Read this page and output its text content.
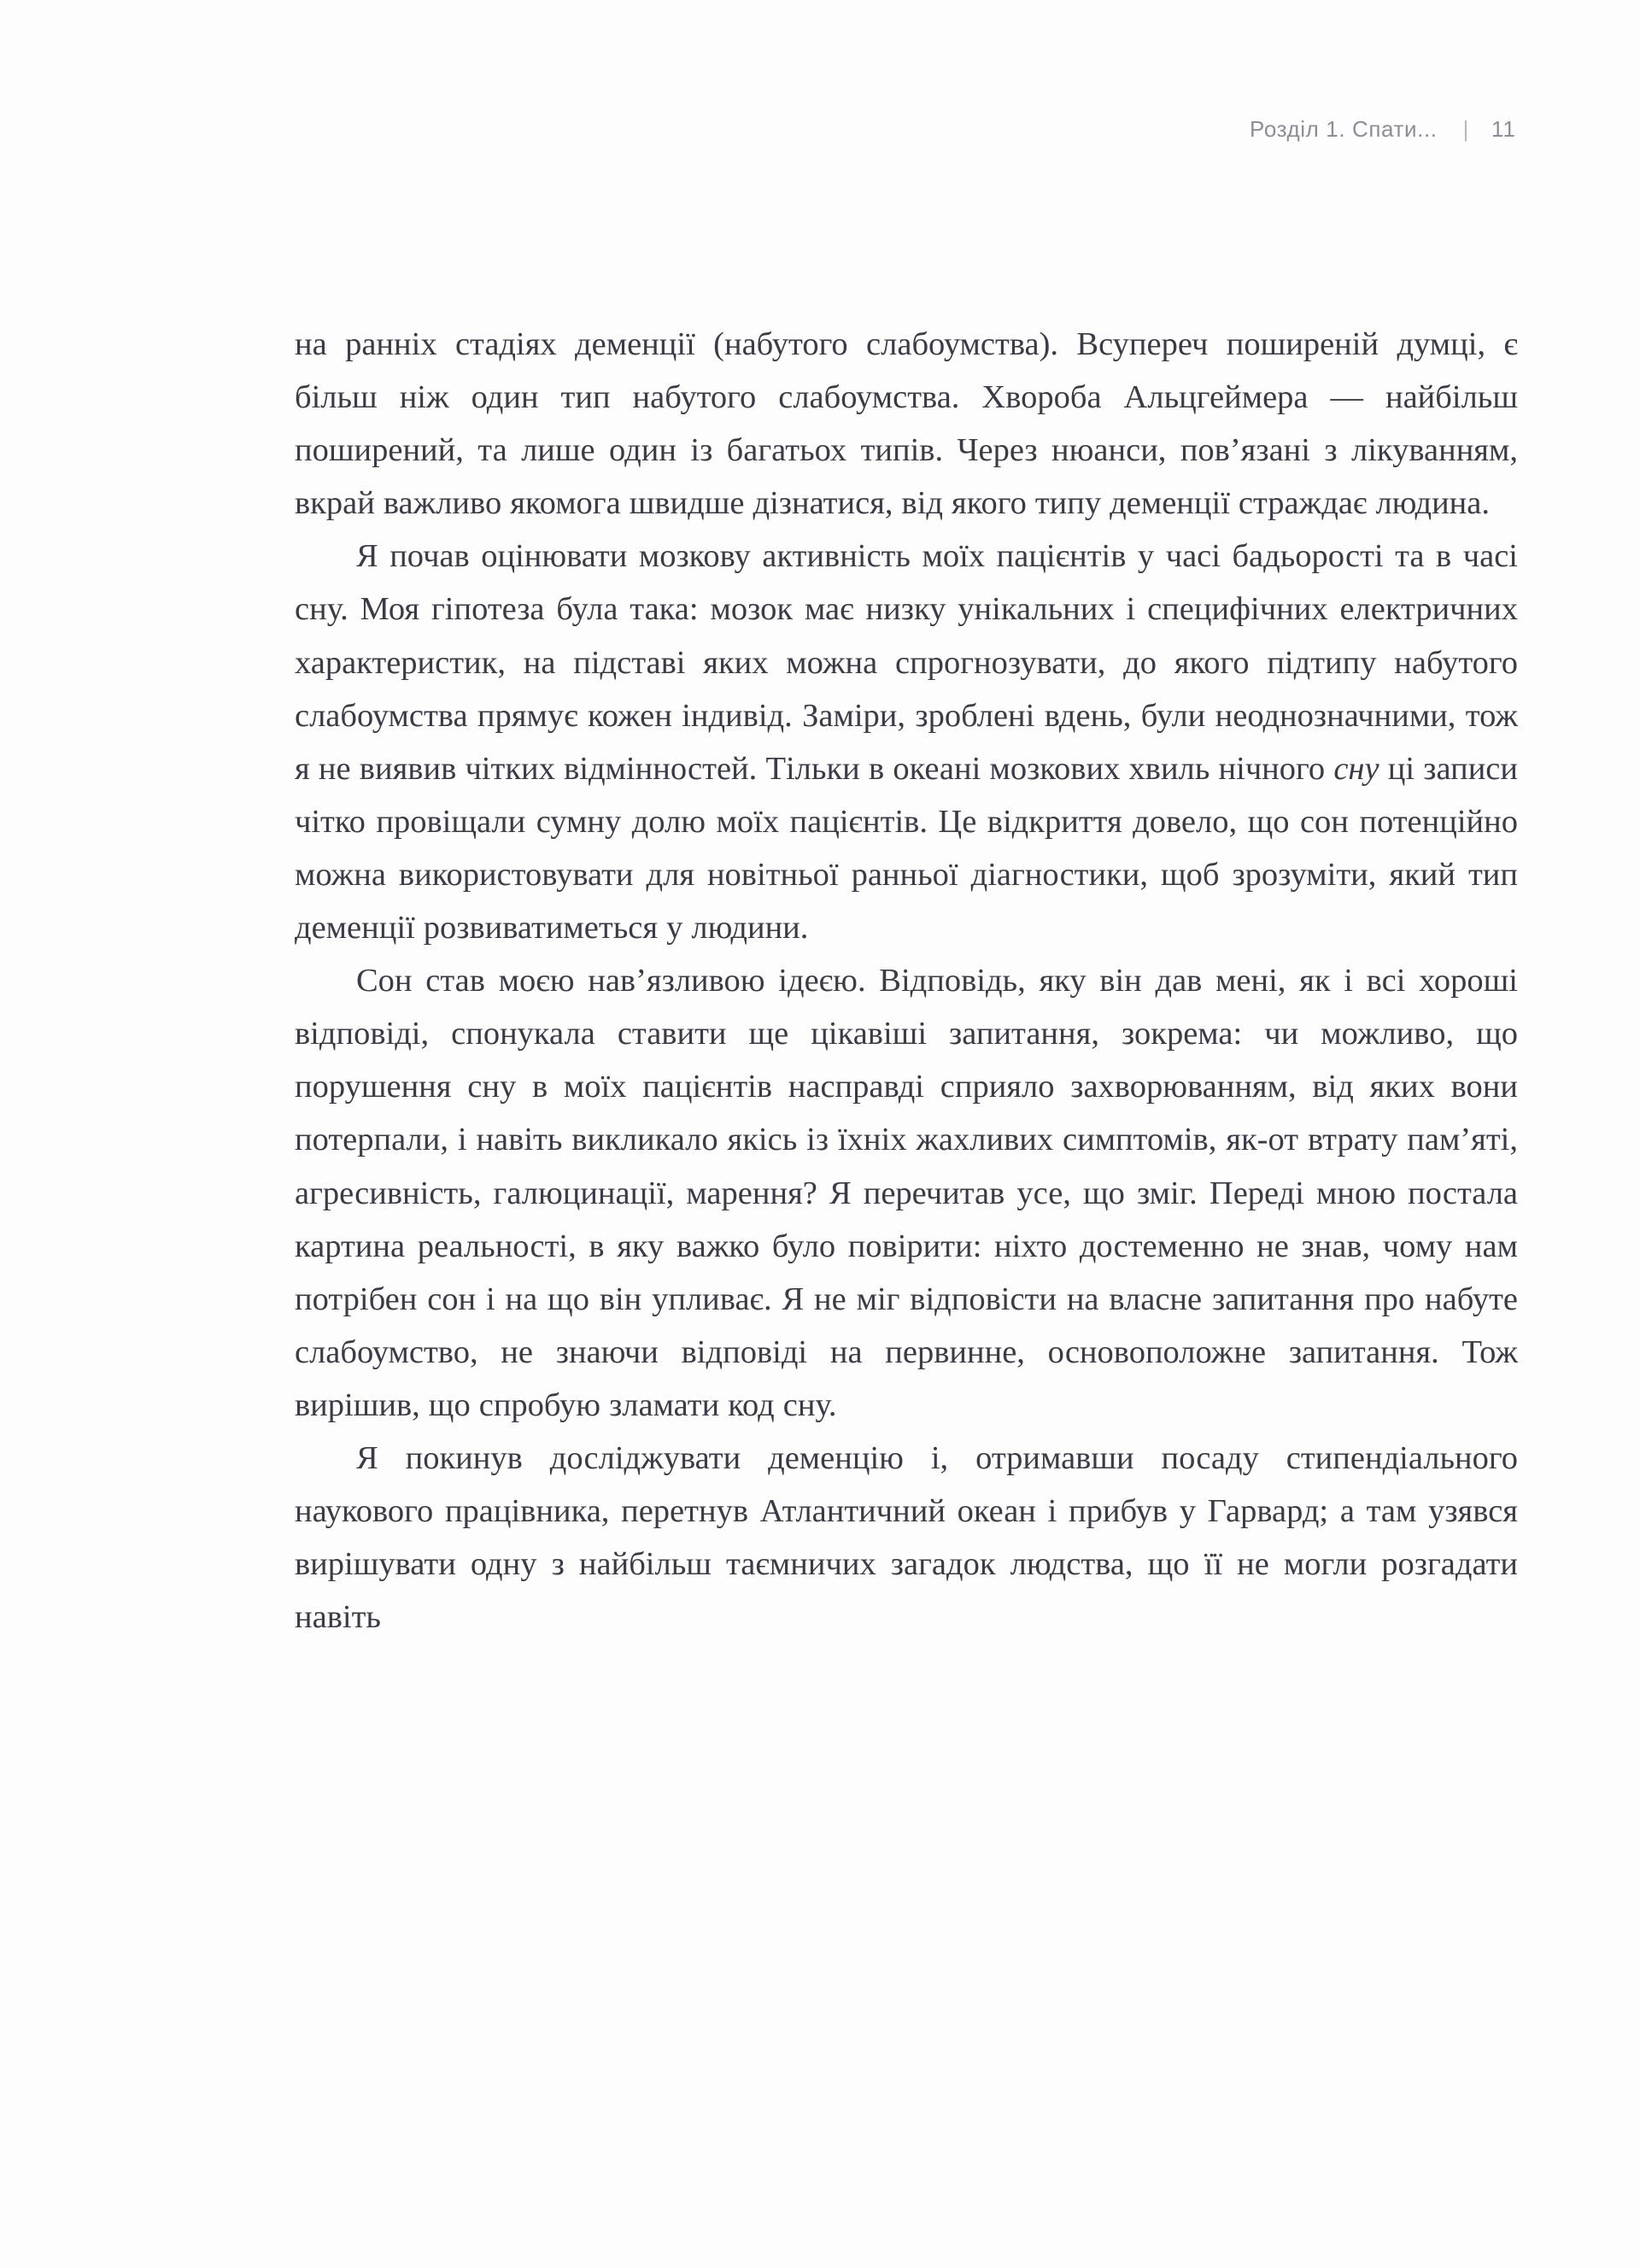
Розділ 1. Спати... | 11

на ранніх стадіях деменції (набутого слабоумства). Всупереч поширеній думці, є більш ніж один тип набутого слабоумства. Хвороба Альцгеймера — найбільш поширений, та лише один із багатьох типів. Через нюанси, пов’язані з лікуванням, вкрай важливо якомога швидше дізнатися, від якого типу деменції страждає людина.

Я почав оцінювати мозкову активність моїх пацієнтів у часі бадьорості та в часі сну. Моя гіпотеза була така: мозок має низку унікальних і специфічних електричних характеристик, на підставі яких можна спрогнозувати, до якого підтипу набутого слабоумства прямує кожен індивід. Заміри, зроблені вдень, були неоднозначними, тож я не виявив чітких відмінностей. Тільки в океані мозкових хвиль нічного сну ці записи чітко провіщали сумну долю моїх пацієнтів. Це відкриття довело, що сон потенційно можна використовувати для новітньої ранньої діагностики, щоб зрозуміти, який тип деменції розвиватиметься у людини.

Сон став моєю нав’язливою ідеєю. Відповідь, яку він дав мені, як і всі хороші відповіді, спонукала ставити ще цікавіші запитання, зокрема: чи можливо, що порушення сну в моїх пацієнтів насправді сприяло захворюванням, від яких вони потерпали, і навіть викликало якісь із їхніх жахливих симптомів, як-от втрату пам’яті, агресивність, галюцинації, марення? Я перечитав усе, що зміг. Переді мною постала картина реальності, в яку важко було повірити: ніхто достеменно не знав, чому нам потрібен сон і на що він упливає. Я не міг відповісти на власне запитання про набуте слабоумство, не знаючи відповіді на первинне, основоположне запитання. Тож вирішив, що спробую зламати код сну.

Я покинув досліджувати деменцію і, отримавши посаду стипендіального наукового працівника, перетнув Атлантичний океан і прибув у Гарвард; а там узявся вирішувати одну з найбільш таємничих загадок людства, що її не могли розгадати навіть
